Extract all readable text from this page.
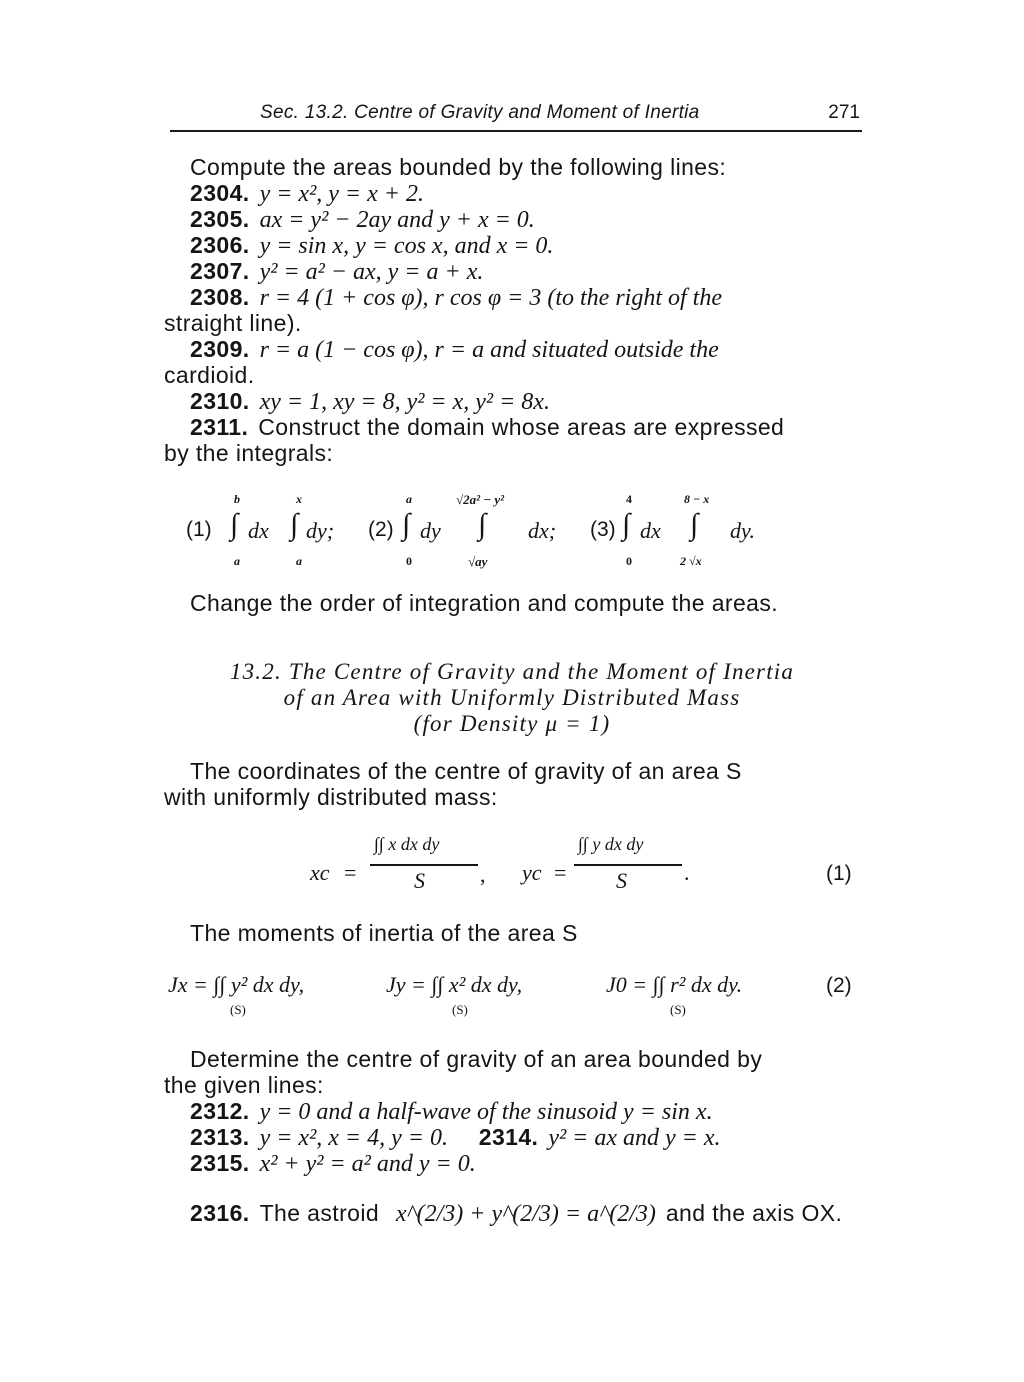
Sec. 13.2. Centre of Gravity and Moment of Inertia	271
Compute the areas bounded by the following lines:
2304. y = x², y = x + 2.
2305. ax = y² − 2ay and y + x = 0.
2306. y = sin x, y = cos x, and x = 0.
2307. y² = a² − ax, y = a + x.
2308. r = 4 (1 + cos φ), r cos φ = 3 (to the right of the
straight line).
2309. r = a (1 − cos φ), r = a and situated outside the
cardioid.
2310. xy = 1, xy = 8, y² = x, y² = 8x.
2311. Construct the domain whose areas are expressed
by the integrals:
(1)
b
∫
a
dx
x
∫
a
dy; (2)
a
∫
0
dy
√2a² − y²
∫
√ay
dx; (3)
4
∫
0
dx
8 − x
∫
2 √x
dy.
Change the order of integration and compute the areas.
13.2. The Centre of Gravity and the Moment of Inertia
of an Area with Uniformly Distributed Mass
(for Density μ = 1)
The coordinates of the centre of gravity of an area S
with uniformly distributed mass:
xc =
∫∫ x dx dy
S	, yc =
∫∫ y dx dy
S	.	(1)
The moments of inertia of the area S
Jx = ∫∫ y² dx dy,
(S)
Jy = ∫∫ x² dx dy,
(S)
J0 = ∫∫ r² dx dy.
(S)
(2)
Determine the centre of gravity of an area bounded by
the given lines:
2312. y = 0 and a half-wave of the sinusoid y = sin x.
2313. y = x², x = 4, y = 0. 2314. y² = ax and y = x.
2315. x² + y² = a² and y = 0.
2316. The astroid x^(2/3) + y^(2/3) = a^(2/3) and the axis OX.
